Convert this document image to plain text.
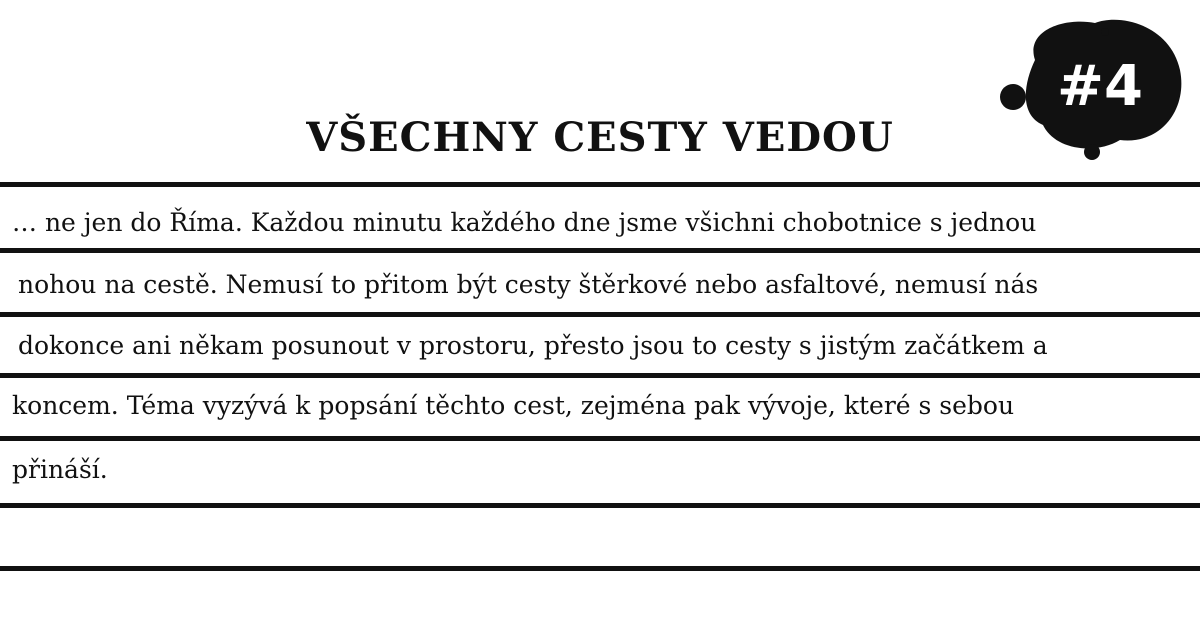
#4
VŠECHNY CESTY VEDOU
… ne jen do Říma. Každou minutu každého dne jsme všichni chobotnice s jednou
nohou na cestě. Nemusí to přitom být cesty štěrkové nebo asfaltové, nemusí nás
dokonce ani někam posunout v prostoru, přesto jsou to cesty s jistým začátkem a
koncem. Téma vyzývá k popsání těchto cest, zejména pak vývoje, které s sebou
přináší.
